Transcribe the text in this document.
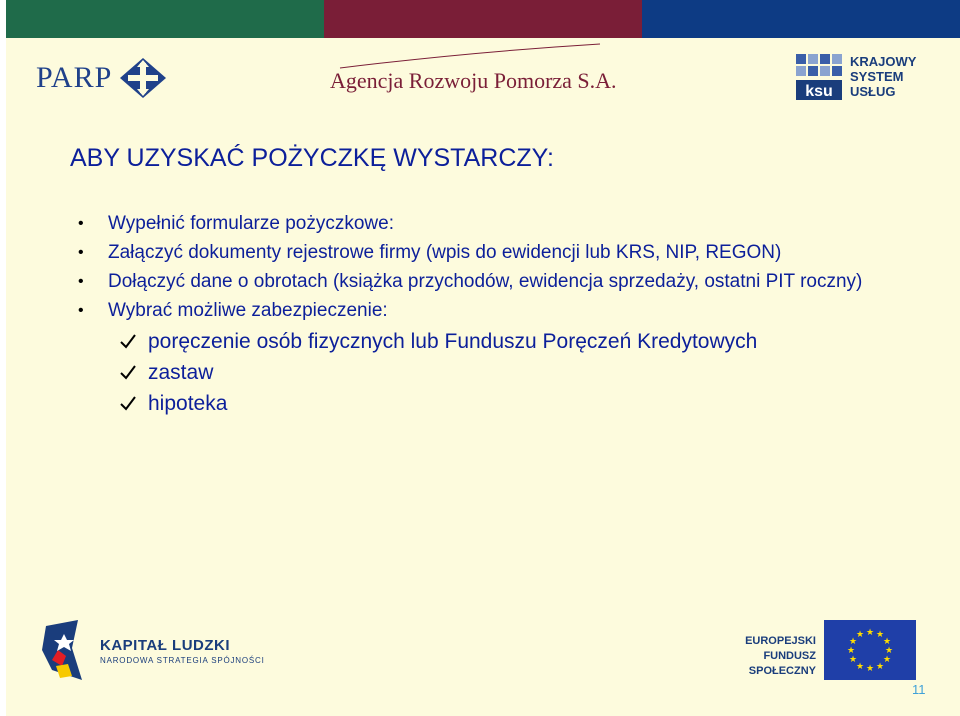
PARP	Agencja Rozwoju Pomorza S.A.	ksu
KRAJOWY
SYSTEM
USŁUG
ABY UZYSKAĆ POŻYCZKĘ WYSTARCZY:
• Wypełnić formularze pożyczkowe:
• Załączyć dokumenty rejestrowe firmy (wpis do ewidencji lub KRS, NIP, REGON)
• Dołączyć dane o obrotach (książka przychodów, ewidencja sprzedaży, ostatni PIT roczny)
• Wybrać możliwe zabezpieczenie:
poręczenie osób fizycznych lub Funduszu Poręczeń Kredytowych
zastaw
hipoteka
KAPITAŁ LUDZKI
NARODOWA STRATEGIA SPÓJNOŚCI
EUROPEJSKI
FUNDUSZ SPOŁECZNY
★ ★
★
★
★
★
★
★
★
★
★
★
11
